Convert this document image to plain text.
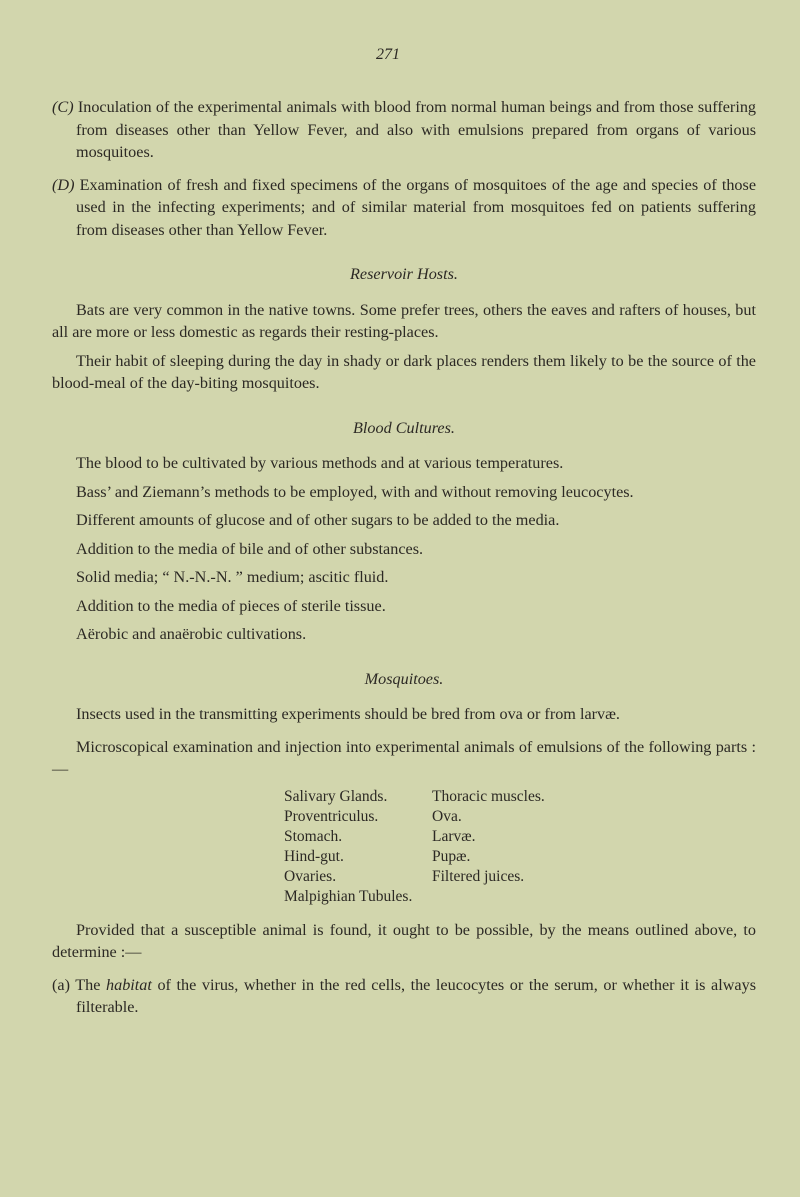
271

(C) Inoculation of the experimental animals with blood from normal human beings and from those suffering from diseases other than Yellow Fever, and also with emulsions prepared from organs of various mosquitoes.

(D) Examination of fresh and fixed specimens of the organs of mosquitoes of the age and species of those used in the infecting experiments; and of similar material from mosquitoes fed on patients suffering from diseases other than Yellow Fever.

Reservoir Hosts.

Bats are very common in the native towns. Some prefer trees, others the eaves and rafters of houses, but all are more or less domestic as regards their resting-places.

Their habit of sleeping during the day in shady or dark places renders them likely to be the source of the blood-meal of the day-biting mosquitoes.

Blood Cultures.

The blood to be cultivated by various methods and at various temperatures.

Bass’ and Ziemann’s methods to be employed, with and without removing leucocytes.

Different amounts of glucose and of other sugars to be added to the media.

Addition to the media of bile and of other substances.

Solid media; “ N.-N.-N. ” medium; ascitic fluid.

Addition to the media of pieces of sterile tissue.

Aërobic and anaërobic cultivations.

Mosquitoes.

Insects used in the transmitting experiments should be bred from ova or from larvæ.

Microscopical examination and injection into experimental animals of emulsions of the following parts :—

Salivary Glands.	Thoracic muscles.
Proventriculus.	Ova.
Stomach.	Larvæ.
Hind-gut.	Pupæ.
Ovaries.	Filtered juices.
Malpighian Tubules.

Provided that a susceptible animal is found, it ought to be possible, by the means outlined above, to determine :—

(a) The habitat of the virus, whether in the red cells, the leucocytes or the serum, or whether it is always filterable.
